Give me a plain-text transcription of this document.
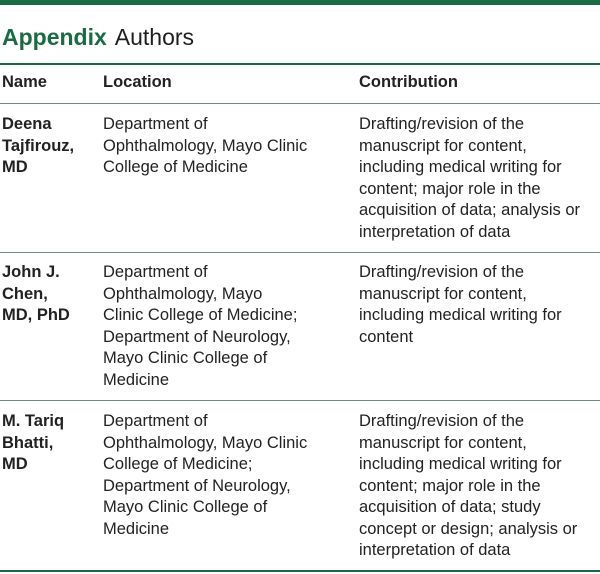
Appendix Authors
Name	Location	Contribution
Deena
Tajfirouz,
MD
Department of
Ophthalmology, Mayo Clinic
College of Medicine
Drafting/revision of the
manuscript for content,
including medical writing for
content; major role in the
acquisition of data; analysis or
interpretation of data
John J.
Chen,
MD, PhD
Department of
Ophthalmology, Mayo
Clinic College of Medicine;
Department of Neurology,
Mayo Clinic College of
Medicine
Drafting/revision of the
manuscript for content,
including medical writing for
content
M. Tariq
Bhatti,
MD
Department of
Ophthalmology, Mayo Clinic
College of Medicine;
Department of Neurology,
Mayo Clinic College of
Medicine
Drafting/revision of the
manuscript for content,
including medical writing for
content; major role in the
acquisition of data; study
concept or design; analysis or
interpretation of data
